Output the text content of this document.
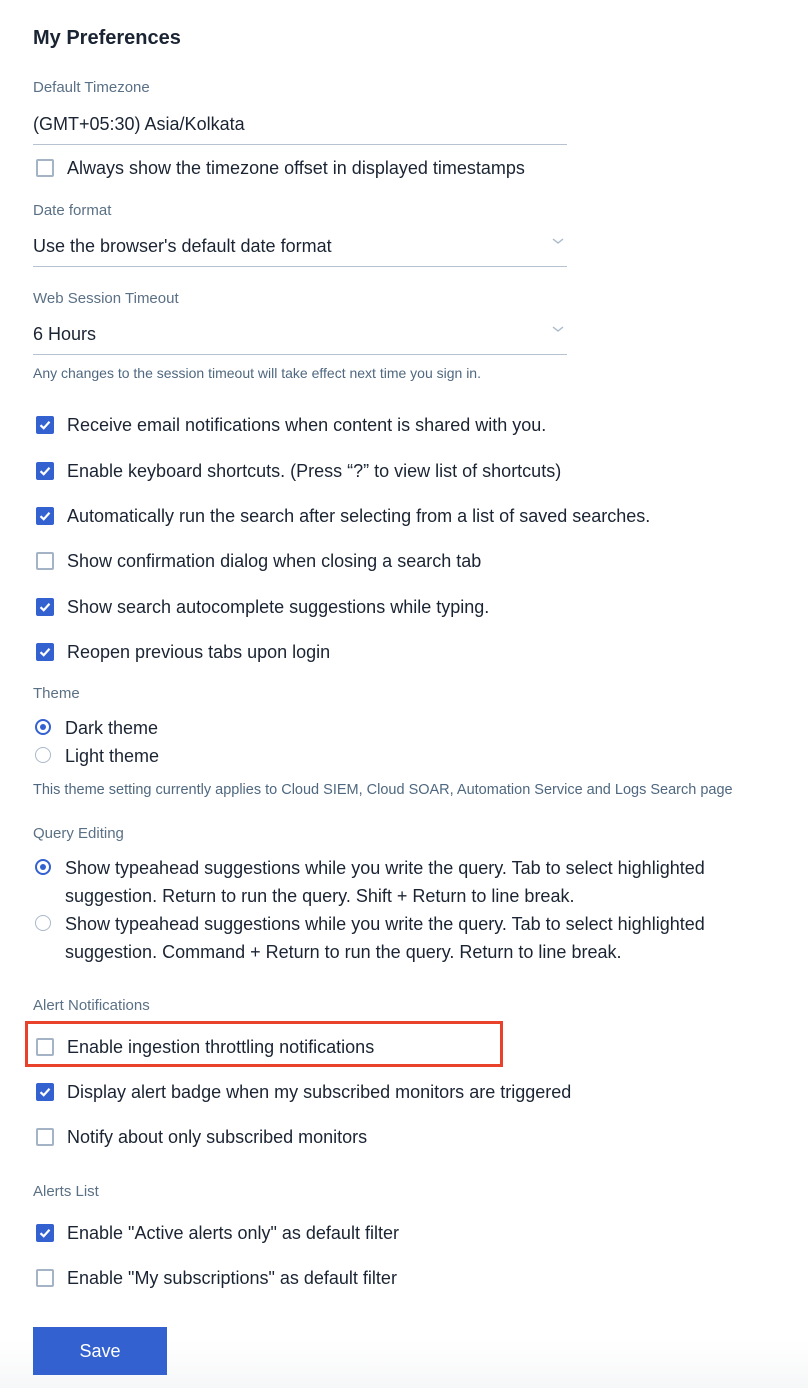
My Preferences
Default Timezone
(GMT+05:30) Asia/Kolkata
Always show the timezone offset in displayed timestamps
Date format
Use the browser's default date format
Web Session Timeout
6 Hours
Any changes to the session timeout will take effect next time you sign in.
Receive email notifications when content is shared with you.
Enable keyboard shortcuts. (Press “?” to view list of shortcuts)
Automatically run the search after selecting from a list of saved searches.
Show confirmation dialog when closing a search tab
Show search autocomplete suggestions while typing.
Reopen previous tabs upon login
Theme
Dark theme
Light theme
This theme setting currently applies to Cloud SIEM, Cloud SOAR, Automation Service and Logs Search page
Query Editing
Show typeahead suggestions while you write the query. Tab to select highlighted
suggestion. Return to run the query. Shift + Return to line break.
Show typeahead suggestions while you write the query. Tab to select highlighted
suggestion. Command + Return to run the query. Return to line break.
Alert Notifications
Enable ingestion throttling notifications
Display alert badge when my subscribed monitors are triggered
Notify about only subscribed monitors
Alerts List
Enable "Active alerts only" as default filter
Enable "My subscriptions" as default filter
Save
